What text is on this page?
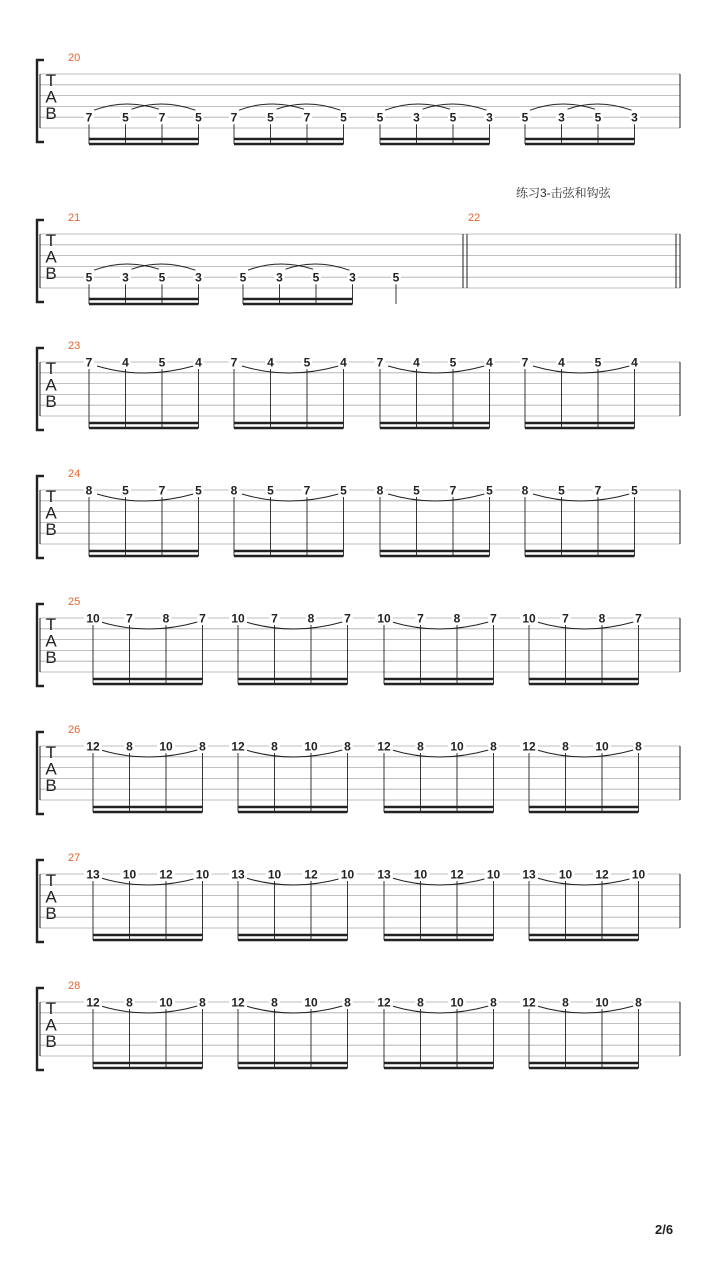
练习3-击弦和钩弦
2/6
T
A
B 7 5 7 5 7 5 7 5 5 3 5 3 5 3 5 3
20
T
A
B 5 3 5 3	5 3 5 3	5
21	22
T
A
B
7 4 5 4 7 4 5 4 7 4 5 4 7 4 5 4
23
T
A
B
8 5 7 5 8 5 7 5 8 5 7 5 8 5 7 5
24
T
A
B
10 7 8 7 10 7 8 7 10 7 8 7 10 7 8 7
25
T
A
B
12 8 10 8 12 8 10 8 12 8 10 8 12 8 10 8
26
T
A
B
13 10 12 10 13 10 12 10 13 10 12 10 13 10 12 10
27
T
A
B
12 8 10 8 12 8 10 8 12 8 10 8 12 8 10 8
28
